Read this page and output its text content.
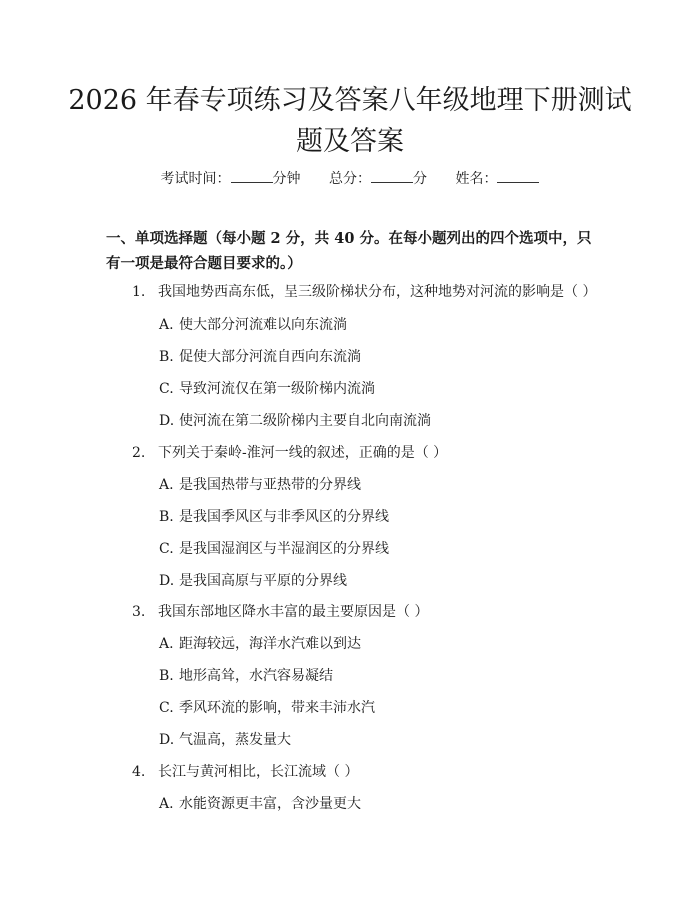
2026 年春专项练习及答案八年级地理下册测试题及答案
考试时间：	分钟 总分：	分 姓名：
一、单项选择题（每小题 2 分，共 40 分。在每小题列出的四个选项中，只有一项是最符合题目要求的。）
1. 我国地势西高东低，呈三级阶梯状分布，这种地势对河流的影响是（ ）
A. 使大部分河流难以向东流淌
B. 促使大部分河流自西向东流淌
C. 导致河流仅在第一级阶梯内流淌
D. 使河流在第二级阶梯内主要自北向南流淌
2. 下列关于秦岭-淮河一线的叙述，正确的是（ ）
A. 是我国热带与亚热带的分界线
B. 是我国季风区与非季风区的分界线
C. 是我国湿润区与半湿润区的分界线
D. 是我国高原与平原的分界线
3. 我国东部地区降水丰富的最主要原因是（ ）
A. 距海较远，海洋水汽难以到达
B. 地形高耸，水汽容易凝结
C. 季风环流的影响，带来丰沛水汽
D. 气温高，蒸发量大
4. 长江与黄河相比，长江流域（ ）
A. 水能资源更丰富，含沙量更大
